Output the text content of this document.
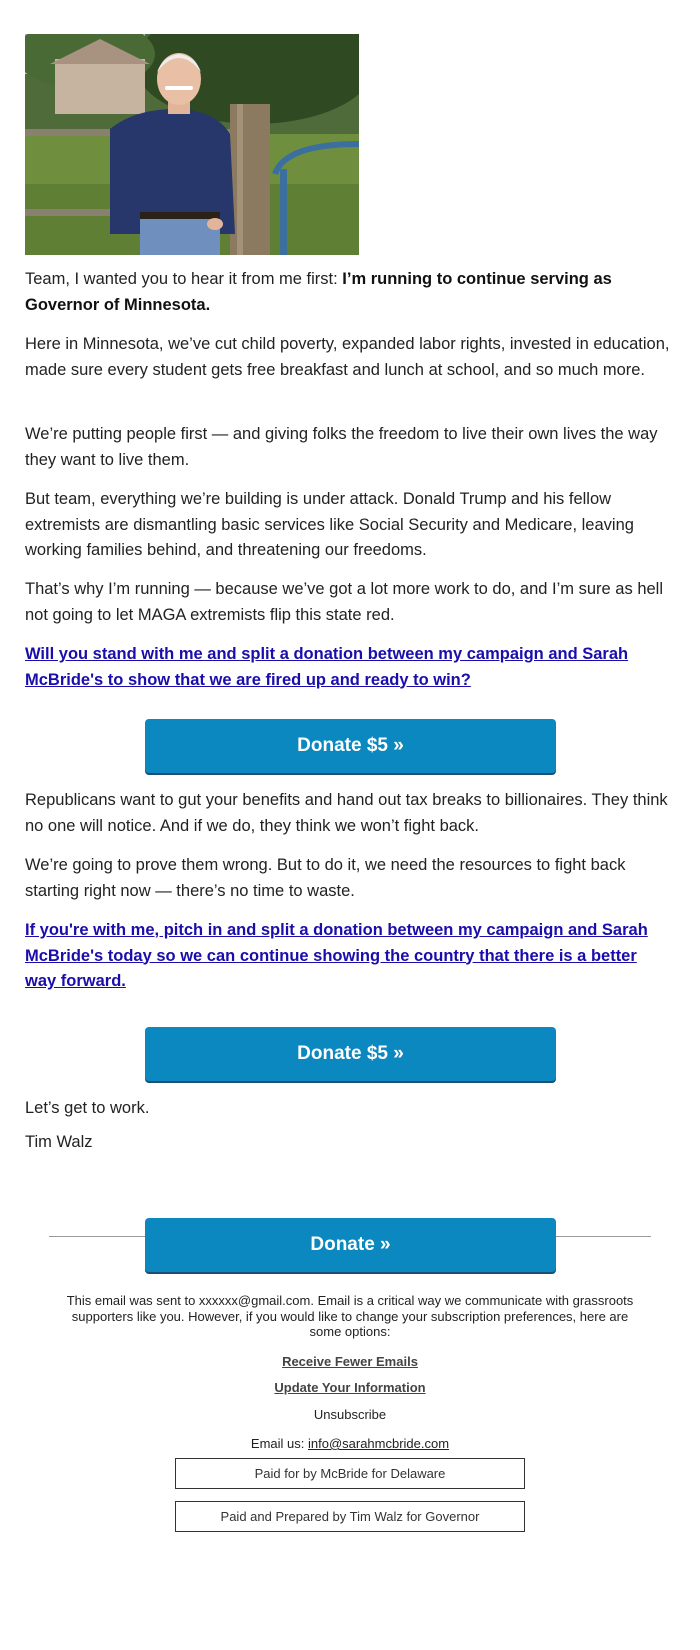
Team, I wanted you to hear it from me first: I’m running to continue serving as Governor of Minnesota.

Here in Minnesota, we’ve cut child poverty, expanded labor rights, invested in education, made sure every student gets free breakfast and lunch at school, and so much more.

We’re putting people first — and giving folks the freedom to live their own lives the way they want to live them.

But team, everything we’re building is under attack. Donald Trump and his fellow extremists are dismantling basic services like Social Security and Medicare, leaving working families behind, and threatening our freedoms.

That’s why I’m running — because we’ve got a lot more work to do, and I’m sure as hell not going to let MAGA extremists flip this state red.

Will you stand with me and split a donation between my campaign and Sarah McBride's to show that we are fired up and ready to win?

Donate $5 »

Republicans want to gut your benefits and hand out tax breaks to billionaires. They think no one will notice. And if we do, they think we won’t fight back.

We’re going to prove them wrong. But to do it, we need the resources to fight back starting right now — there’s no time to waste.

If you're with me, pitch in and split a donation between my campaign and Sarah McBride's today so we can continue showing the country that there is a better way forward.

Donate $5 »

Let’s get to work.

Tim Walz

Donate »
This email was sent to xxxxxx@gmail.com. Email is a critical way we communicate with grassroots supporters like you. However, if you would like to change your subscription preferences, here are some options:
Receive Fewer Emails
Update Your Information
Unsubscribe
Email us: info@sarahmcbride.com
Paid for by McBride for Delaware
Paid and Prepared by Tim Walz for Governor
